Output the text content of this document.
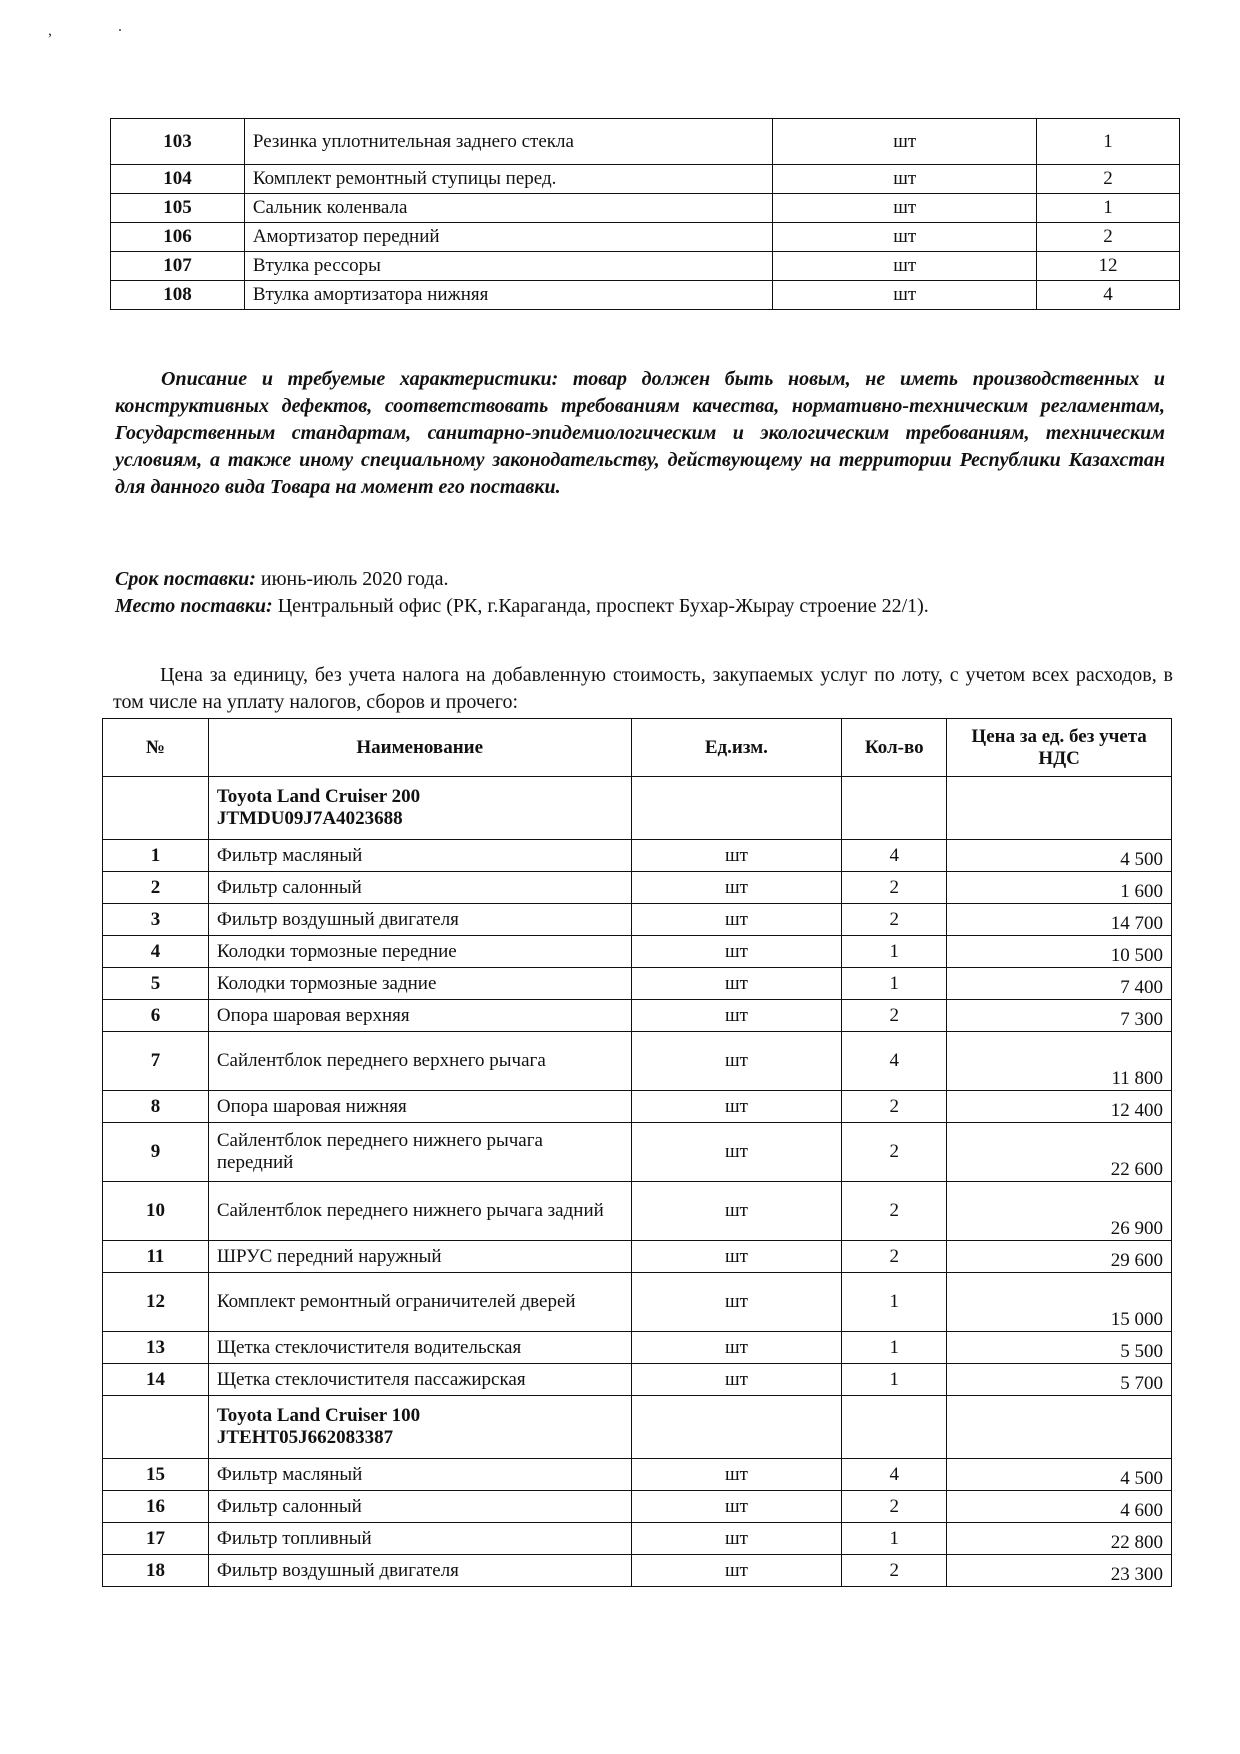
,	.
103	Резинка уплотнительная заднего стекла	шт	1
104	Комплект ремонтный ступицы перед.	шт	2
105	Сальник коленвала	шт	1
106	Амортизатор передний	шт	2
107	Втулка рессоры	шт	12
108	Втулка амортизатора нижняя	шт	4

Описание и требуемые характеристики: товар должен быть новым, не иметь производственных и конструктивных дефектов, соответствовать требованиям качества, нормативно-техническим регламентам, Государственным стандартам, санитарно-эпидемиологическим и экологическим требованиям, техническим условиям, а также иному специальному законодательству, действующему на территории Республики Казахстан для данного вида Товара на момент его поставки.

Срок поставки: июнь-июль 2020 года.
Место поставки: Центральный офис (РК, г.Караганда, проспект Бухар-Жырау строение 22/1).

Цена за единицу, без учета налога на добавленную стоимость, закупаемых услуг по лоту, с учетом всех расходов, в том числе на уплату налогов, сборов и прочего:

№	Наименование	Ед.изм.	Кол-во	Цена за ед. без учета НДС
	Toyota Land Cruiser 200
JTMDU09J7A4023688			
1	Фильтр масляный	шт	4	4 500
2	Фильтр салонный	шт	2	1 600
3	Фильтр воздушный двигателя	шт	2	14 700
4	Колодки тормозные передние	шт	1	10 500
5	Колодки тормозные задние	шт	1	7 400
6	Опора шаровая верхняя	шт	2	7 300
7	Сайлентблок переднего верхнего рычага	шт	4	11 800
8	Опора шаровая нижняя	шт	2	12 400
9	Сайлентблок переднего нижнего рычага передний	шт	2	22 600
10	Сайлентблок переднего нижнего рычага задний	шт	2	26 900
11	ШРУС передний наружный	шт	2	29 600
12	Комплект ремонтный ограничителей дверей	шт	1	15 000
13	Щетка стеклочистителя водительская	шт	1	5 500
14	Щетка стеклочистителя пассажирская	шт	1	5 700
	Toyota Land Cruiser 100
JTEHT05J662083387			
15	Фильтр масляный	шт	4	4 500
16	Фильтр салонный	шт	2	4 600
17	Фильтр топливный	шт	1	22 800
18	Фильтр воздушный двигателя	шт	2	23 300
